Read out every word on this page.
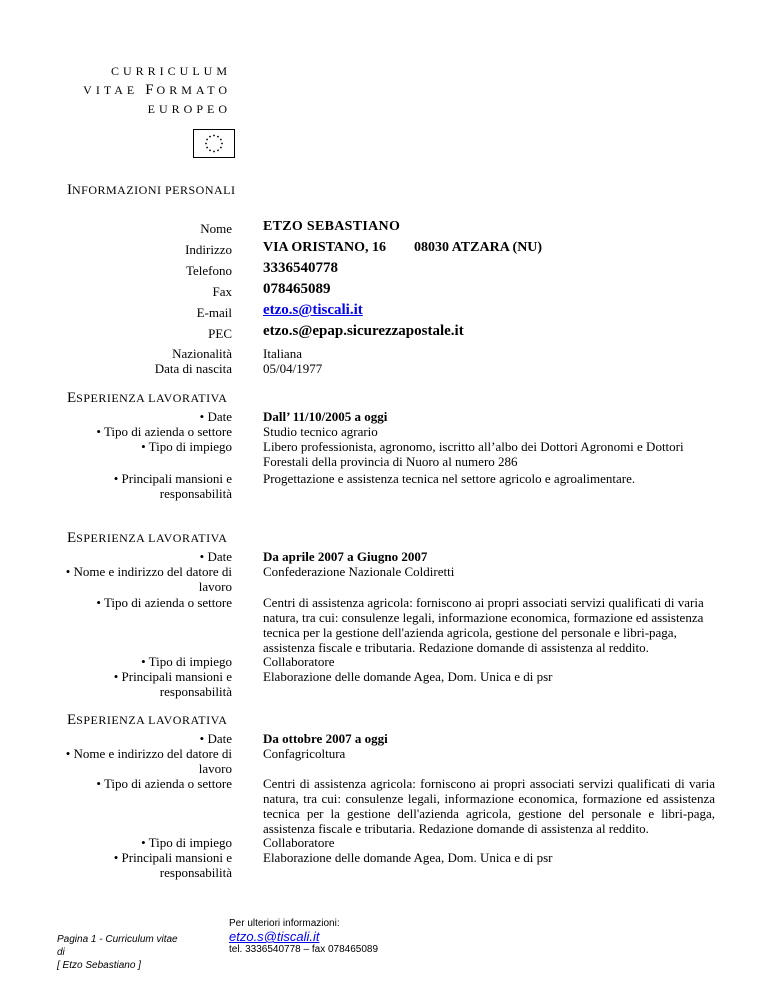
CURRICULUM
VITAE FORMATO
EUROPEO
INFORMAZIONI PERSONALI
Nome ETZO SEBASTIANO
Indirizzo VIA ORISTANO, 16 08030 ATZARA (NU)
Telefono 3336540778
Fax 078465089
E-mail etzo.s@tiscali.it
PEC etzo.s@epap.sicurezzapostale.it
Nazionalità Italiana
Data di nascita 05/04/1977
ESPERIENZA LAVORATIVA
• Date Dall’ 11/10/2005 a oggi
• Tipo di azienda o settore Studio tecnico agrario
• Tipo di impiego Libero professionista, agronomo, iscritto all’albo dei Dottori Agronomi e Dottori Forestali della provincia di Nuoro al numero 286
• Principali mansioni e
responsabilità
Progettazione e assistenza tecnica nel settore agricolo e agroalimentare.
ESPERIENZA LAVORATIVA
• Date Da aprile 2007 a Giugno 2007
• Nome e indirizzo del datore di
lavoro
Confederazione Nazionale Coldiretti
• Tipo di azienda o settore Centri di assistenza agricola: forniscono ai propri associati servizi qualificati di varia natura, tra cui: consulenze legali, informazione economica, formazione ed assistenza tecnica per la gestione dell'azienda agricola, gestione del personale e libri-paga, assistenza fiscale e tributaria. Redazione domande di assistenza al reddito.
• Tipo di impiego Collaboratore
• Principali mansioni e
responsabilità
Elaborazione delle domande Agea, Dom. Unica e di psr
ESPERIENZA LAVORATIVA
• Date Da ottobre 2007 a oggi
• Nome e indirizzo del datore di
lavoro
Confagricoltura
• Tipo di azienda o settore Centri di assistenza agricola: forniscono ai propri associati servizi qualificati di varia natura, tra cui: consulenze legali, informazione economica, formazione ed assistenza tecnica per la gestione dell'azienda agricola, gestione del personale e libri-paga, assistenza fiscale e tributaria. Redazione domande di assistenza al reddito.
• Tipo di impiego Collaboratore
• Principali mansioni e
responsabilità
Elaborazione delle domande Agea, Dom. Unica e di psr
Pagina 1 - Curriculum vitae di
[ Etzo Sebastiano ]
Per ulteriori informazioni:
etzo.s@tiscali.it
tel. 3336540778 – fax 078465089
